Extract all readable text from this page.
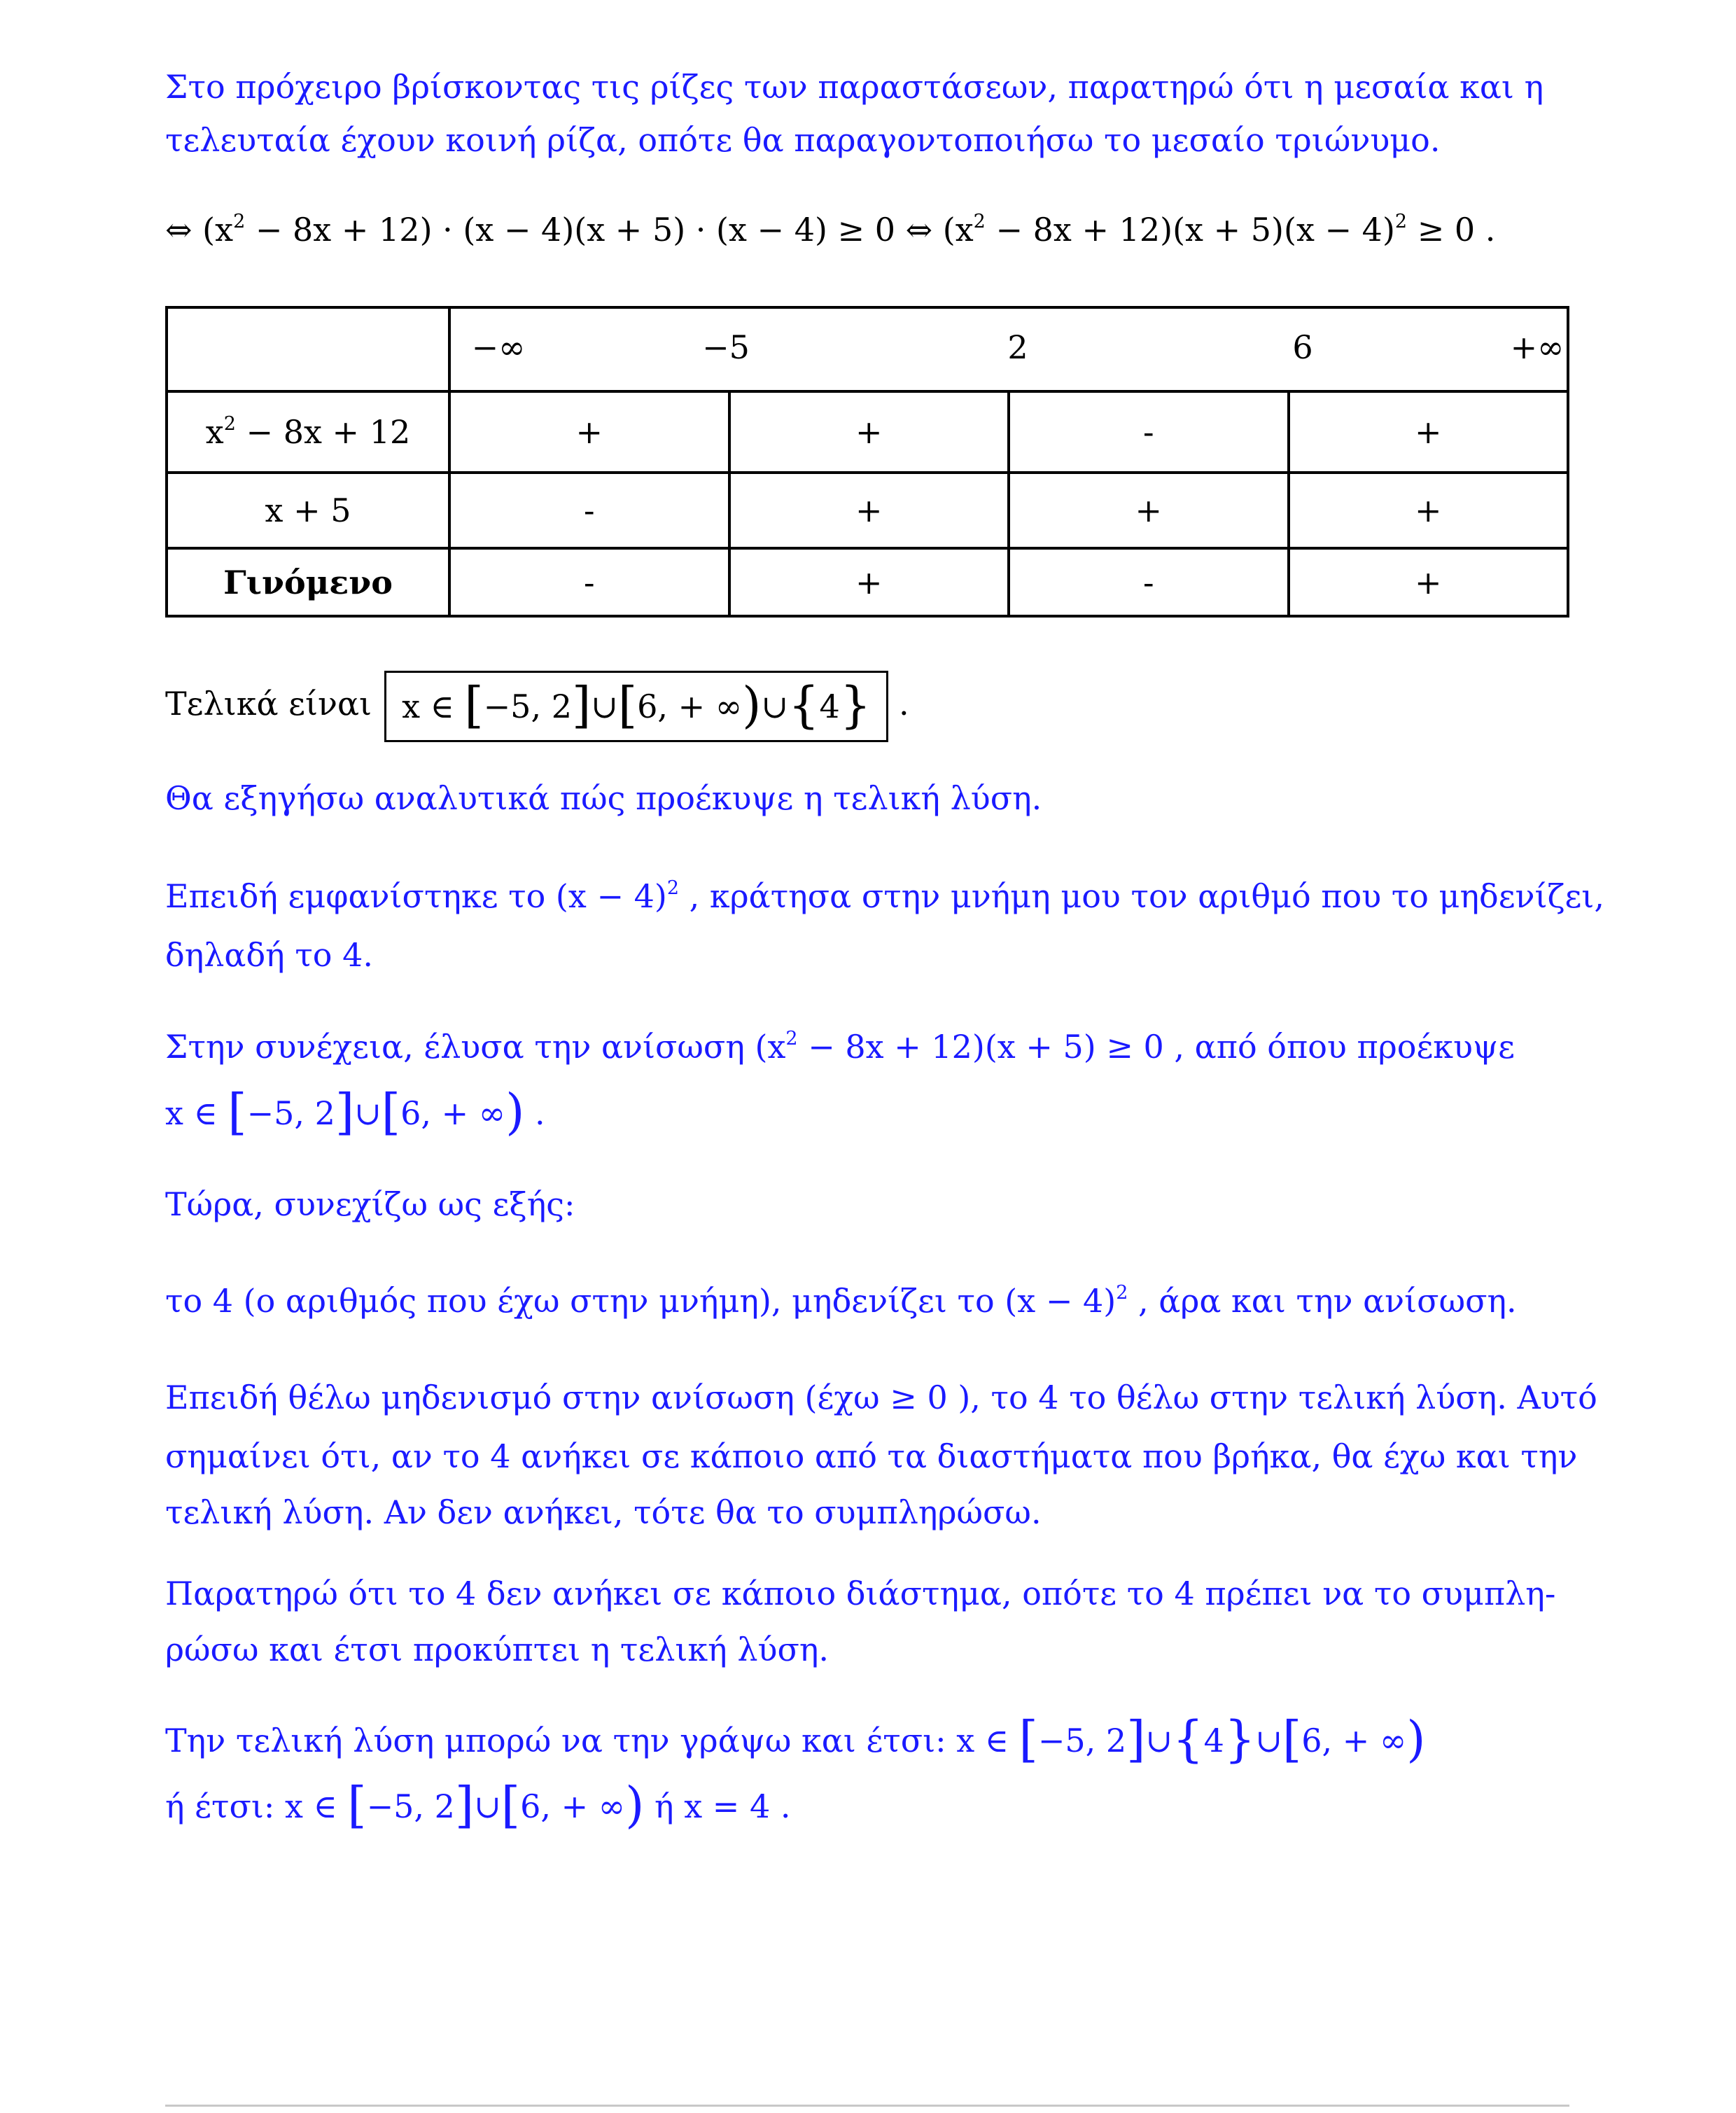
Στο πρόχειρο βρίσκοντας τις ρίζες των παραστάσεων, παρατηρώ ότι η μεσαία και η
τελευταία έχουν κοινή ρίζα, οπότε θα παραγοντοποιήσω το μεσαίο τριώνυμο.
⇔ $(x^2 - 8x + 12) \cdot (x - 4)(x + 5) \cdot (x - 4) \ge 0$ ⇔ $(x^2 - 8x + 12)(x + 5)(x - 4)^2 \ge 0$ .

	−∞ −5 2 6 +∞			

$x^2 - 8x + 12$	+	+	-	+
x + 5	-	+	+	+
Γινόμενο	-	+	-	+
Τελικά είναι x ∈ [−5, 2]∪[6, + ∞)∪{4} .
Θα εξηγήσω αναλυτικά πώς προέκυψε η τελική λύση.
Επειδή εμφανίστηκε το $(x - 4)^2$ , κράτησα στην μνήμη μου τον αριθμό που το μηδενίζει,
δηλαδή το 4.
Στην συνέχεια, έλυσα την ανίσωση $(x^2 - 8x + 12)(x + 5) \ge 0$ , από όπου προέκυψε
x ∈ [−5, 2]∪[6, + ∞) .
Τώρα, συνεχίζω ως εξής:
το 4 (ο αριθμός που έχω στην μνήμη), μηδενίζει το $(x - 4)^2$ , άρα και την ανίσωση.
Επειδή θέλω μηδενισμό στην ανίσωση (έχω ≥ 0 ), το 4 το θέλω στην τελική λύση. Αυτό
σημαίνει ότι, αν το 4 ανήκει σε κάποιο από τα διαστήματα που βρήκα, θα έχω και την
τελική λύση. Αν δεν ανήκει, τότε θα το συμπληρώσω.
Παρατηρώ ότι το 4 δεν ανήκει σε κάποιο διάστημα, οπότε το 4 πρέπει να το συμπλη-
ρώσω και έτσι προκύπτει η τελική λύση.
Την τελική λύση μπορώ να την γράψω και έτσι: x ∈ [−5, 2]∪{4}∪[6, + ∞)
ή έτσι: x ∈ [−5, 2]∪[6, + ∞) ή x = 4 .
